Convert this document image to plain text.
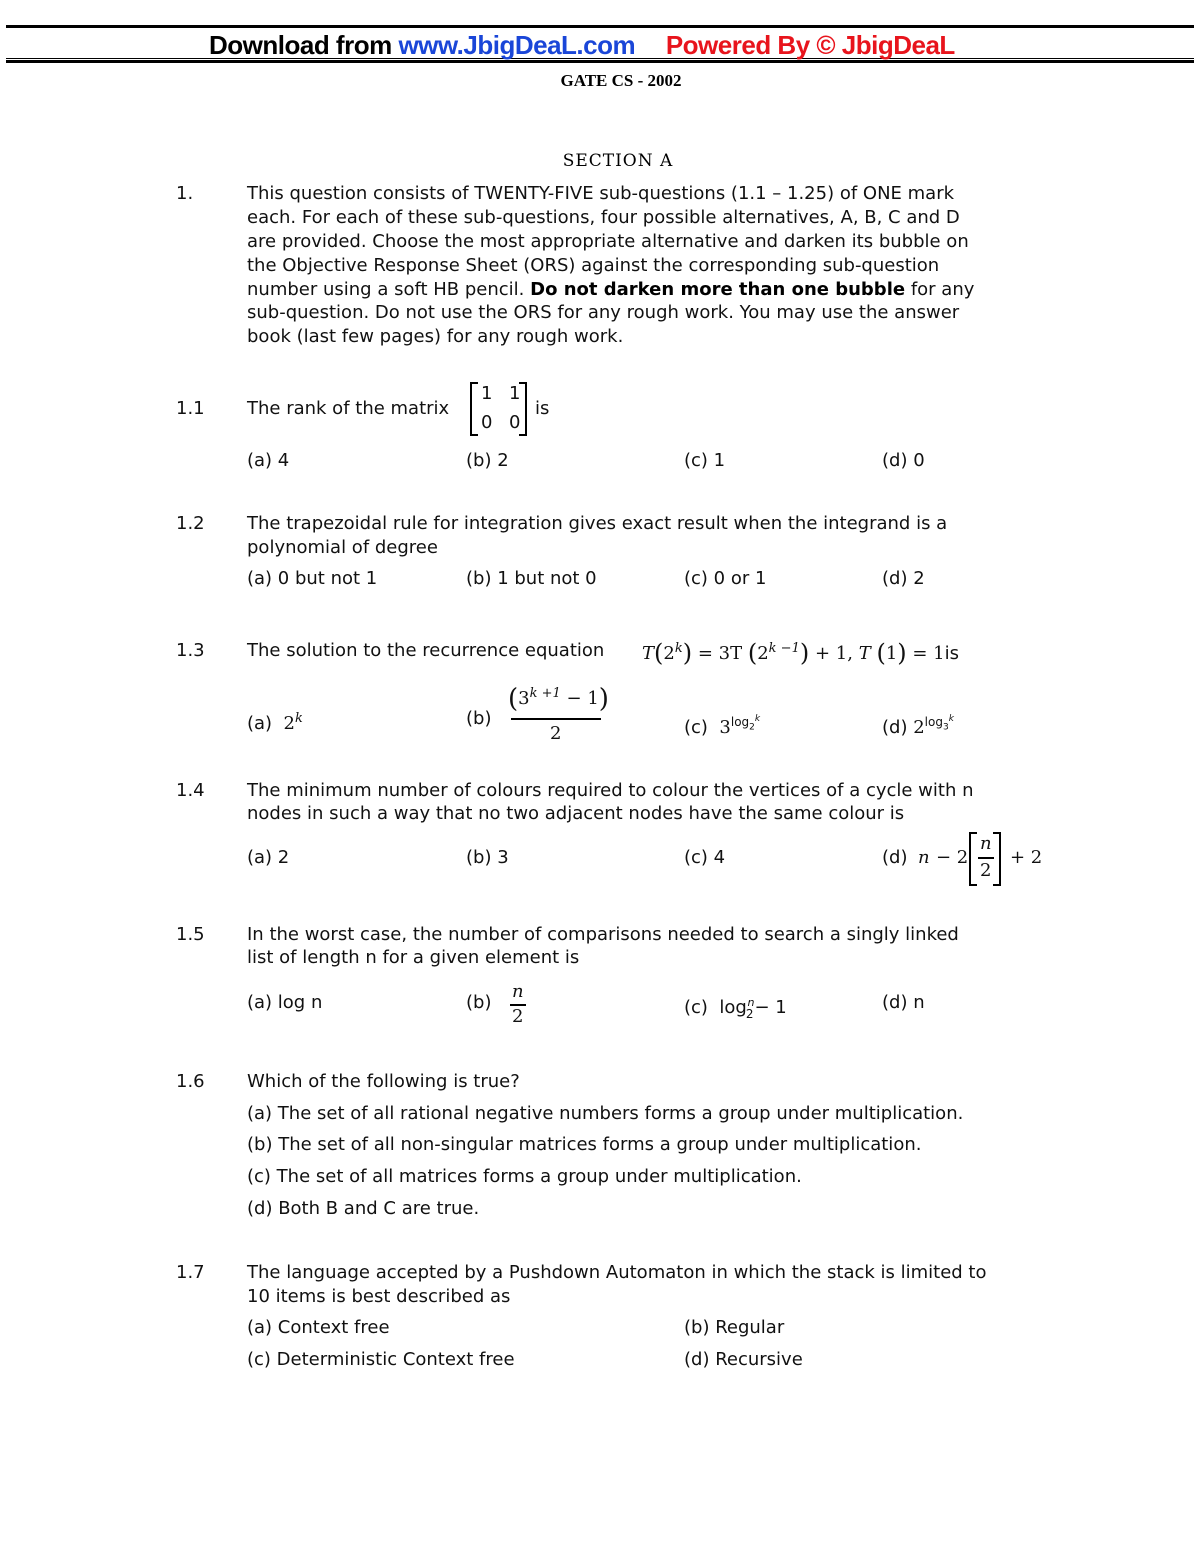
Download from www.JbigDeaL.com Powered By © JbigDeaL
GATE CS - 2002
SECTION A
1.	This question consists of TWENTY-FIVE sub-questions (1.1 – 1.25) of ONE mark
each. For each of these sub-questions, four possible alternatives, A, B, C and D
are provided. Choose the most appropriate alternative and darken its bubble on
the Objective Response Sheet (ORS) against the corresponding sub-question
number using a soft HB pencil. Do not darken more than one bubble for any
sub-question. Do not use the ORS for any rough work. You may use the answer
book (last few pages) for any rough work.
1.1 The rank of the matrix
1 1
0 0
is
(a) 4	(b) 2	(c) 1	(d) 0
1.2 The trapezoidal rule for integration gives exact result when the integrand is a
polynomial of degree
(a) 0 but not 1	(b) 1 but not 0	(c) 0 or 1	(d) 2
1.3 The solution to the recurrence equation $T(2^k) = 3T$ $(2^{k -1}) + 1$, T (1) = 1is
(a) 2$^k$	(b)
$(3^{k +1} - 1)$
2	(c) $3^{log_2^k}$	(d) $2^{log_3^k}$
1.4 The minimum number of colours required to colour the vertices of a cycle with n
nodes in such a way that no two adjacent nodes have the same colour is
(a) 2	(b) 3	(c) 4	(d) n − 2
n
2
+ 2
1.5 In the worst case, the number of comparisons needed to search a singly linked
list of length n for a given element is
(a) log n	(b)
n
2	(c) $\log_2^n- 1$	(d) n
1.6 Which of the following is true?
(a) The set of all rational negative numbers forms a group under multiplication.
(b) The set of all non-singular matrices forms a group under multiplication.
(c) The set of all matrices forms a group under multiplication.
(d) Both B and C are true.
1.7 The language accepted by a Pushdown Automaton in which the stack is limited to
10 items is best described as
(a) Context free	(b) Regular
(c) Deterministic Context free	(d) Recursive
